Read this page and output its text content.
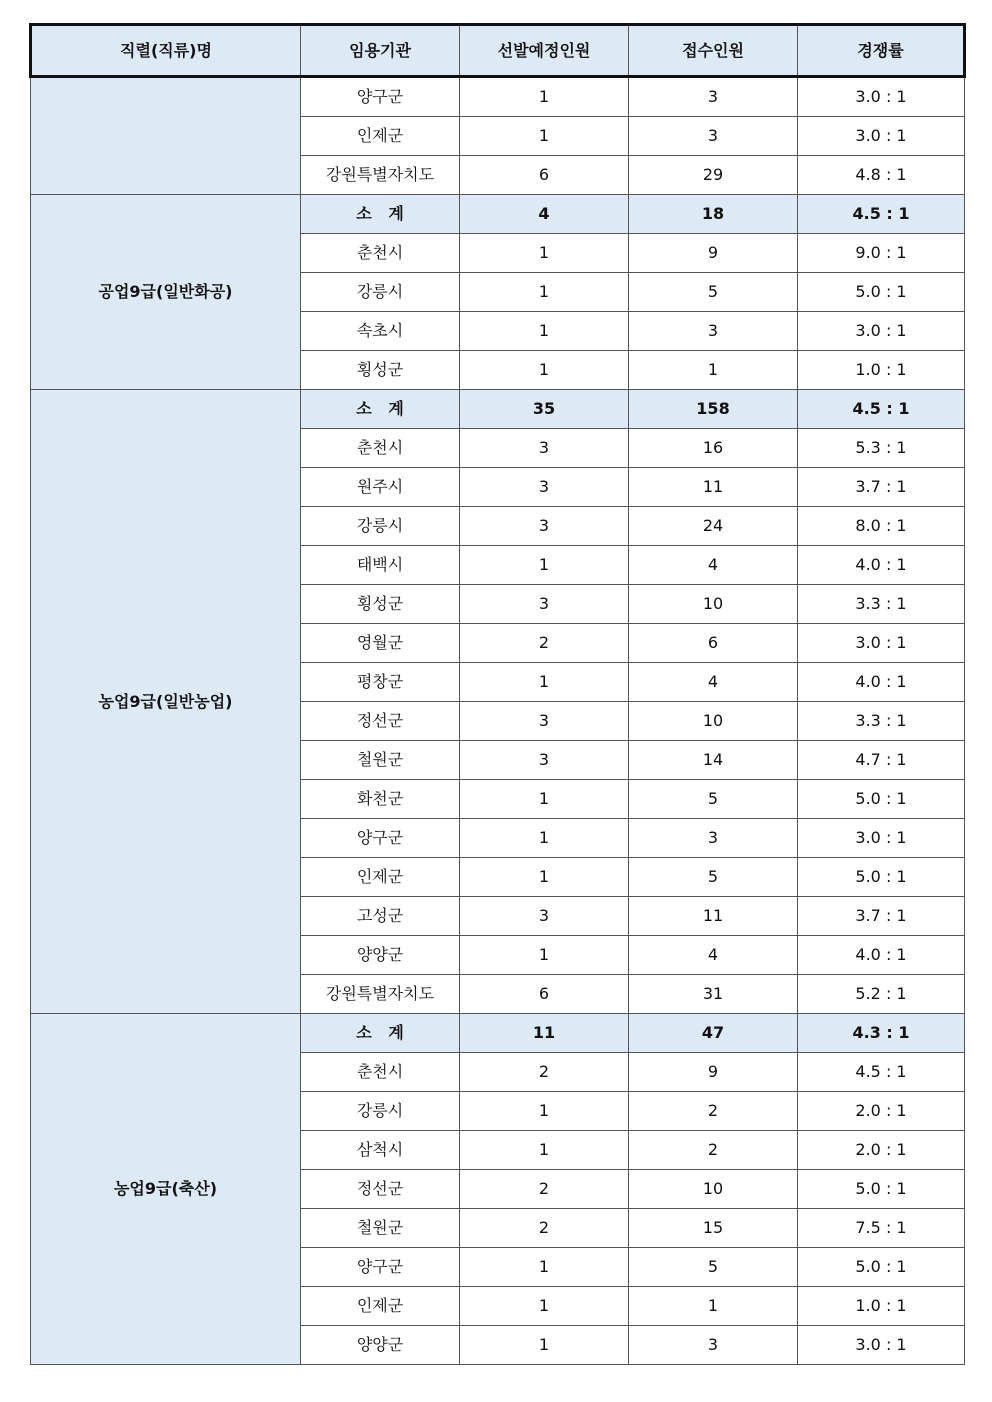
직렬(직류)명	임용기관	선발예정인원	접수인원	경쟁률
	양구군	1	3	3.0 : 1
	인제군	1	3	3.0 : 1
	강원특별자치도	6	29	4.8 : 1
공업9급(일반화공)	소   계	4	18	4.5 : 1
	춘천시	1	9	9.0 : 1
	강릉시	1	5	5.0 : 1
	속초시	1	3	3.0 : 1
	횡성군	1	1	1.0 : 1
농업9급(일반농업)	소   계	35	158	4.5 : 1
	춘천시	3	16	5.3 : 1
	원주시	3	11	3.7 : 1
	강릉시	3	24	8.0 : 1
	태백시	1	4	4.0 : 1
	횡성군	3	10	3.3 : 1
	영월군	2	6	3.0 : 1
	평창군	1	4	4.0 : 1
	정선군	3	10	3.3 : 1
	철원군	3	14	4.7 : 1
	화천군	1	5	5.0 : 1
	양구군	1	3	3.0 : 1
	인제군	1	5	5.0 : 1
	고성군	3	11	3.7 : 1
	양양군	1	4	4.0 : 1
	강원특별자치도	6	31	5.2 : 1
농업9급(축산)	소   계	11	47	4.3 : 1
	춘천시	2	9	4.5 : 1
	강릉시	1	2	2.0 : 1
	삼척시	1	2	2.0 : 1
	정선군	2	10	5.0 : 1
	철원군	2	15	7.5 : 1
	양구군	1	5	5.0 : 1
	인제군	1	1	1.0 : 1
	양양군	1	3	3.0 : 1
